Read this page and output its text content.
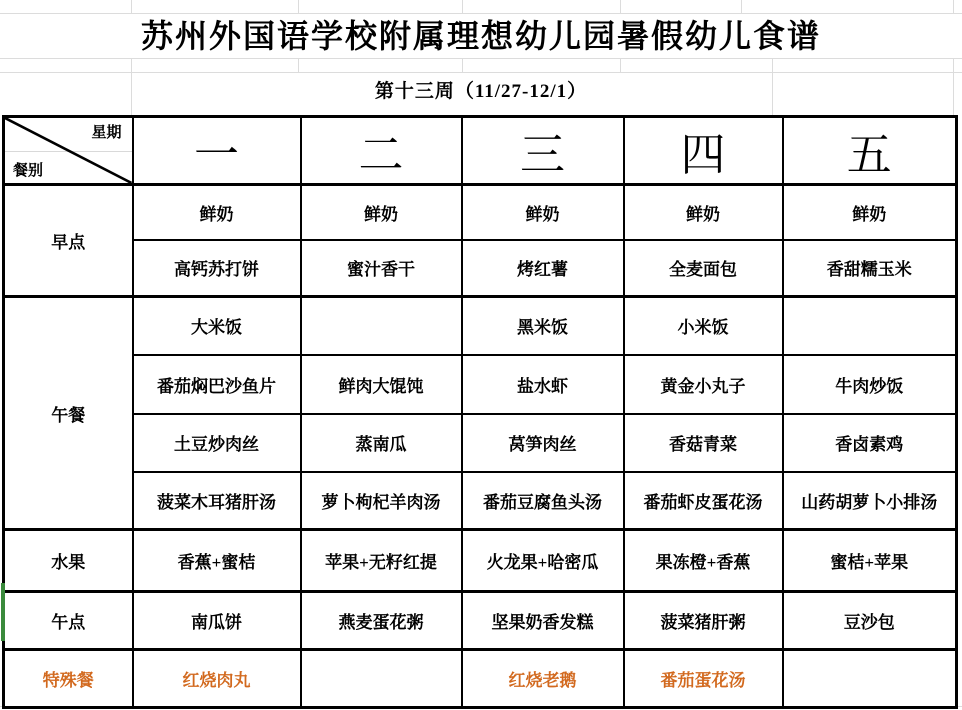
苏州外国语学校附属理想幼儿园暑假幼儿食谱
第十三周（11/27-12/1）
星期
餐别	一	二	三	四	五
早点	鲜奶	鲜奶	鲜奶	鲜奶	鲜奶
	高钙苏打饼	蜜汁香干	烤红薯	全麦面包	香甜糯玉米
午餐	大米饭		黑米饭	小米饭	
	番茄焖巴沙鱼片	鲜肉大馄饨	盐水虾	黄金小丸子	牛肉炒饭
	土豆炒肉丝	蒸南瓜	莴笋肉丝	香菇青菜	香卤素鸡
	菠菜木耳猪肝汤	萝卜枸杞羊肉汤	番茄豆腐鱼头汤	番茄虾皮蛋花汤	山药胡萝卜小排汤
水果	香蕉+蜜桔	苹果+无籽红提	火龙果+哈密瓜	果冻橙+香蕉	蜜桔+苹果
午点	南瓜饼	燕麦蛋花粥	坚果奶香发糕	菠菜猪肝粥	豆沙包
特殊餐	红烧肉丸		红烧老鹅	番茄蛋花汤	
